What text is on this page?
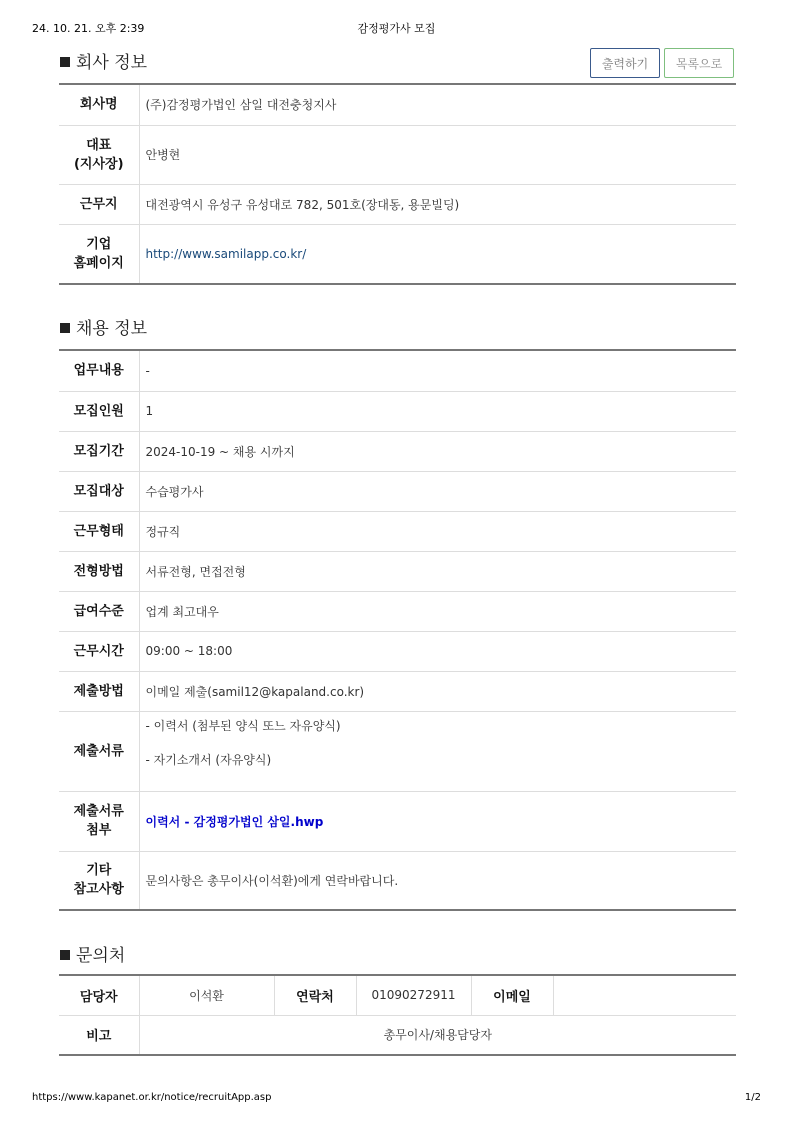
24. 10. 21. 오후 2:39	감정평가사 모집
회사 정보	출력하기	목록으로
회사명	(주)감정평가법인 삼일 대전충청지사
대표
(지사장)	안병현
근무지	대전광역시 유성구 유성대로 782, 501호(장대동, 용문빌딩)
기업
홈페이지	http://www.samilapp.co.kr/
채용 정보
업무내용	-
모집인원	1
모집기간	2024-10-19 ~ 채용 시까지
모집대상	수습평가사
근무형태	정규직
전형방법	서류전형, 면접전형
급여수준	업계 최고대우
근무시간	09:00 ~ 18:00
제출방법	이메일 제출(samil12@kapaland.co.kr)
제출서류	- 이력서 (첨부된 양식 또느 자유양식)
- 자기소개서 (자유양식)

제출서류
첨부	이력서 - 감정평가법인 삼일.hwp
기타
참고사항	문의사항은 총무이사(이석환)에게 연락바랍니다.
문의처
담당자	이석환	연락처	01090272911	이메일	
비고	총무이사/채용담당자				
https://www.kapanet.or.kr/notice/recruitApp.asp	1/2
